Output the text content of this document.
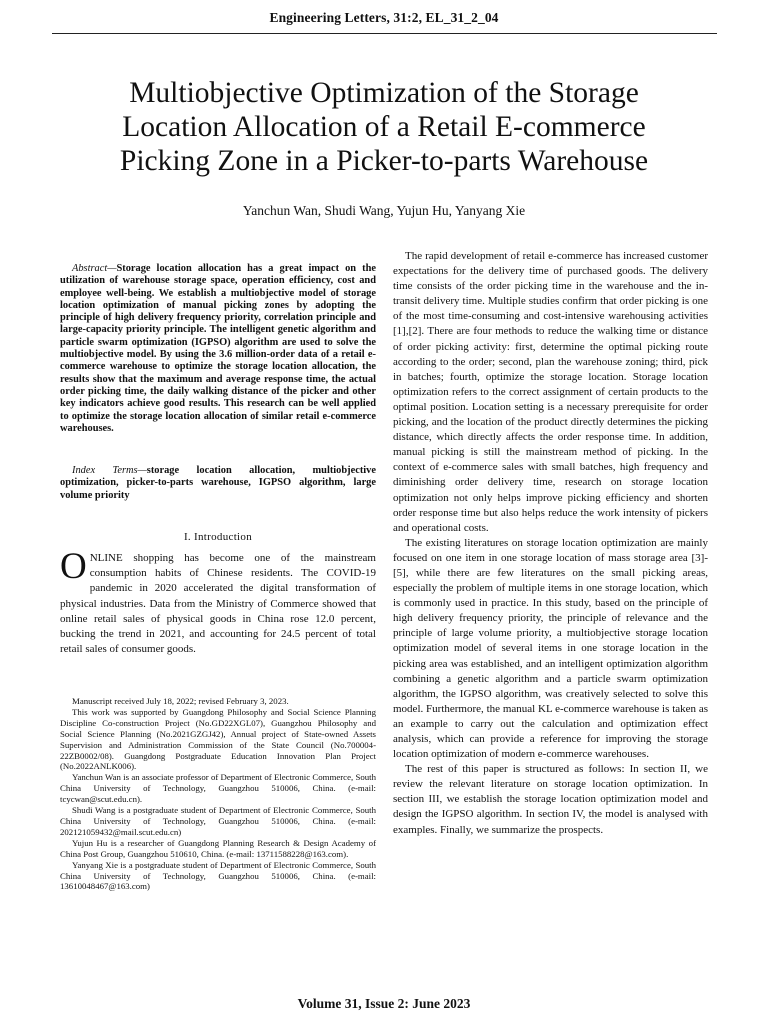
Engineering Letters, 31:2, EL_31_2_04
Multiobjective Optimization of the Storage
Location Allocation of a Retail E-commerce
Picking Zone in a Picker-to-parts Warehouse
Yanchun Wan, Shudi Wang, Yujun Hu, Yanyang Xie

Abstract—Storage location allocation has a great impact on the utilization of warehouse storage space, operation efficiency, cost and employee well-being. We establish a multiobjective model of storage location optimization of manual picking zones by adopting the principle of high delivery frequency priority, correlation principle and large-capacity priority principle. The intelligent genetic algorithm and particle swarm optimization (IGPSO) algorithm are used to solve the multiobjective model. By using the 3.6 million-order data of a retail e-commerce warehouse to optimize the storage location allocation, the results show that the maximum and average response time, the actual order picking time, the daily walking distance of the picker and other key indicators achieve good results. This research can be well applied to optimize the storage location allocation of similar retail e-commerce warehouses.

Index Terms—storage location allocation, multiobjective optimization, picker-to-parts warehouse, IGPSO algorithm, large volume priority

I. Introduction

ONLINE shopping has become one of the mainstream consumption habits of Chinese residents. The COVID-19 pandemic in 2020 accelerated the digital transformation of physical industries. Data from the Ministry of Commerce showed that online retail sales of physical goods in China rose 12.0 percent, bucking the trend in 2021, and accounting for 24.5 percent of total retail sales of consumer goods.

Manuscript received July 18, 2022; revised February 3, 2023.

This work was supported by Guangdong Philosophy and Social Science Planning Discipline Co-construction Project (No.GD22XGL07), Guangzhou Philosophy and Social Science Planning (No.2021GZGJ42), Annual project of State-owned Assets Supervision and Administration Commission of the State Council (No.700004-22ZB0002/08). Guangdong Postgraduate Education Innovation Plan Project (No.2022ANLK006).

Yanchun Wan is an associate professor of Department of Electronic Commerce, South China University of Technology, Guangzhou 510006, China. (e-mail: tcycwan@scut.edu.cn).

Shudi Wang is a postgraduate student of Department of Electronic Commerce, South China University of Technology, Guangzhou 510006, China. (e-mail: 202121059432@mail.scut.edu.cn)

Yujun Hu is a researcher of Guangdong Planning Research & Design Academy of China Post Group, Guangzhou 510610, China. (e-mail: 13711588228@163.com).

Yanyang Xie is a postgraduate student of Department of Electronic Commerce, South China University of Technology, Guangzhou 510006, China. (e-mail: 13610048467@163.com)

The rapid development of retail e-commerce has increased customer expectations for the delivery time of purchased goods. The delivery time consists of the order picking time in the warehouse and the in-transit delivery time. Multiple studies confirm that order picking is one of the most time-consuming and cost-intensive warehousing activities [1],[2]. There are four methods to reduce the walking time or distance of order picking activity: first, determine the optimal picking route according to the order; second, plan the warehouse zoning; third, pick in batches; fourth, optimize the storage location. Storage location optimization refers to the correct assignment of certain products to the optimal position. Location setting is a necessary prerequisite for order picking, and the location of the product directly determines the picking distance, which directly affects the order response time. In addition, manual picking is still the mainstream method of picking. In the context of e-commerce sales with small batches, high frequency and diminishing order delivery time, research on storage location optimization not only helps improve picking efficiency and shorten order response time but also helps reduce the work intensity of pickers and operational costs.

The existing literatures on storage location optimization are mainly focused on one item in one storage location of mass storage area [3]-[5], while there are few literatures on the small picking areas, especially the problem of multiple items in one storage location, which is commonly used in practice. In this study, based on the principle of high delivery frequency priority, the principle of relevance and the principle of large volume priority, a multiobjective storage location optimization model of several items in one storage location in the picking area was established, and an intelligent optimization algorithm combining a genetic algorithm and a particle swarm optimization algorithm, the IGPSO algorithm, was creatively selected to solve this model. Furthermore, the manual KL e-commerce warehouse is taken as an example to carry out the calculation and optimization effect analysis, which can provide a reference for improving the storage location optimization of modern e-commerce warehouses.

The rest of this paper is structured as follows: In section II, we review the relevant literature on storage location optimization. In section III, we establish the storage location optimization model and design the IGPSO algorithm. In section IV, the model is analysed with examples. Finally, we summarize the prospects.

Volume 31, Issue 2: June 2023
